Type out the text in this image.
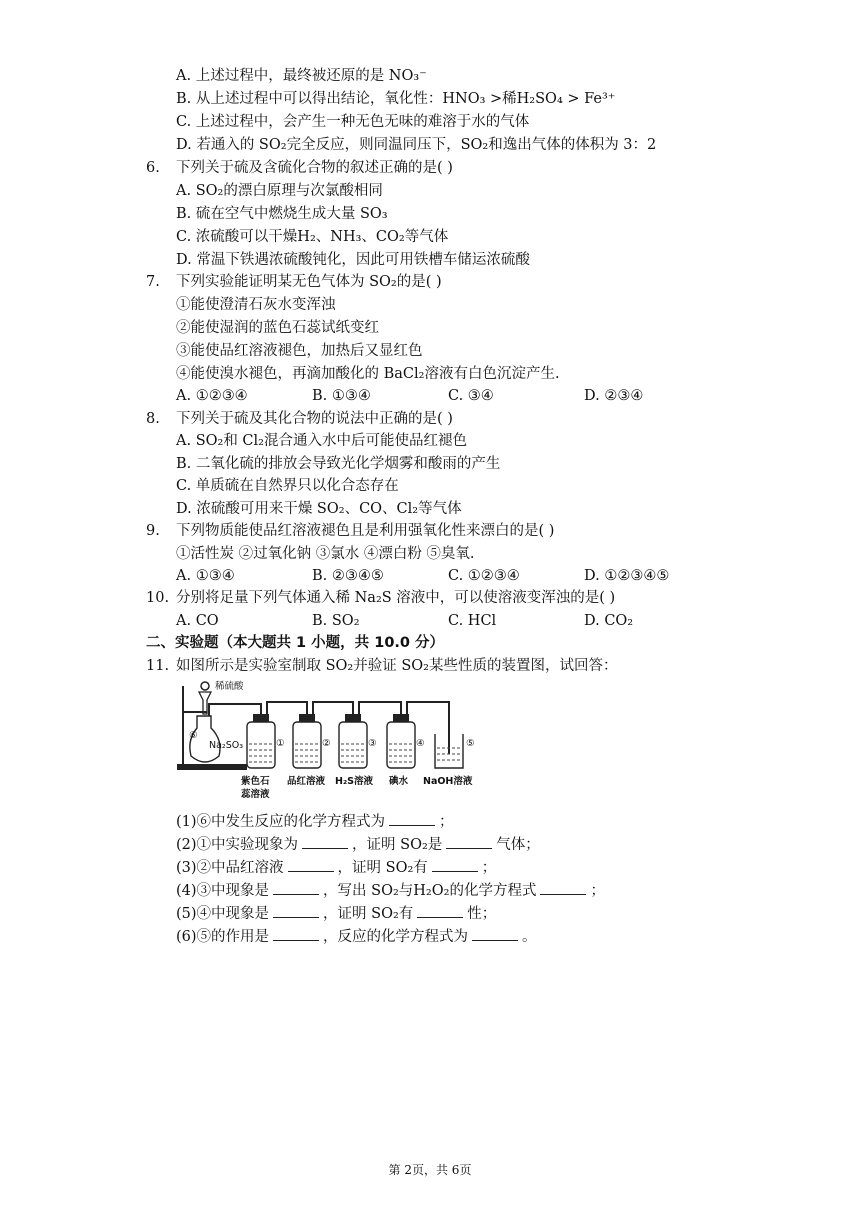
A. 上述过程中，最终被还原的是 NO₃⁻
B. 从上述过程中可以得出结论，氧化性：HNO₃ >稀H₂SO₄ > Fe³⁺
C. 上述过程中，会产生一种无色无味的难溶于水的气体
D. 若通入的 SO₂完全反应，则同温同压下，SO₂和逸出气体的体积为 3：2
6. 下列关于硫及含硫化合物的叙述正确的是( )
A. SO₂的漂白原理与次氯酸相同
B. 硫在空气中燃烧生成大量 SO₃
C. 浓硫酸可以干燥H₂、NH₃、CO₂等气体
D. 常温下铁遇浓硫酸钝化，因此可用铁槽车储运浓硫酸
7. 下列实验能证明某无色气体为 SO₂的是( )
①能使澄清石灰水变浑浊
②能使湿润的蓝色石蕊试纸变红
③能使品红溶液褪色，加热后又显红色
④能使溴水褪色，再滴加酸化的 BaCl₂溶液有白色沉淀产生.
A. ①②③④	B. ①③④	C. ③④	D. ②③④
8. 下列关于硫及其化合物的说法中正确的是( )
A. SO₂和 Cl₂混合通入水中后可能使品红褪色
B. 二氧化硫的排放会导致光化学烟雾和酸雨的产生
C. 单质硫在自然界只以化合态存在
D. 浓硫酸可用来干燥 SO₂、CO、Cl₂等气体
9. 下列物质能使品红溶液褪色且是利用强氧化性来漂白的是( )
①活性炭 ②过氧化钠 ③氯水 ④漂白粉 ⑤臭氧.
A. ①③④	B. ②③④⑤	C. ①②③④	D. ①②③④⑤
10. 分别将足量下列气体通入稀 Na₂S 溶液中，可以使溶液变浑浊的是( )
A. CO	B. SO₂	C. HCl	D. CO₂
二、实验题（本大题共 1 小题，共 10.0 分）
11. 如图所示是实验室制取 SO₂并验证 SO₂某些性质的装置图，试回答：
稀硫酸
⑥
Na₂SO₃	①	②	③	④	⑤
紫色石
蕊溶液
品红溶液 H₂S溶液 碘水 NaOH溶液
(1)⑥中发生反应的化学方程式为	；
(2)①中实验现象为	，证明 SO₂是	气体；
(3)②中品红溶液	，证明 SO₂有	；
(4)③中现象是	，写出 SO₂与H₂O₂的化学方程式	；
(5)④中现象是	，证明 SO₂有	性；
(6)⑤的作用是	，反应的化学方程式为	。
第 2页，共 6页
